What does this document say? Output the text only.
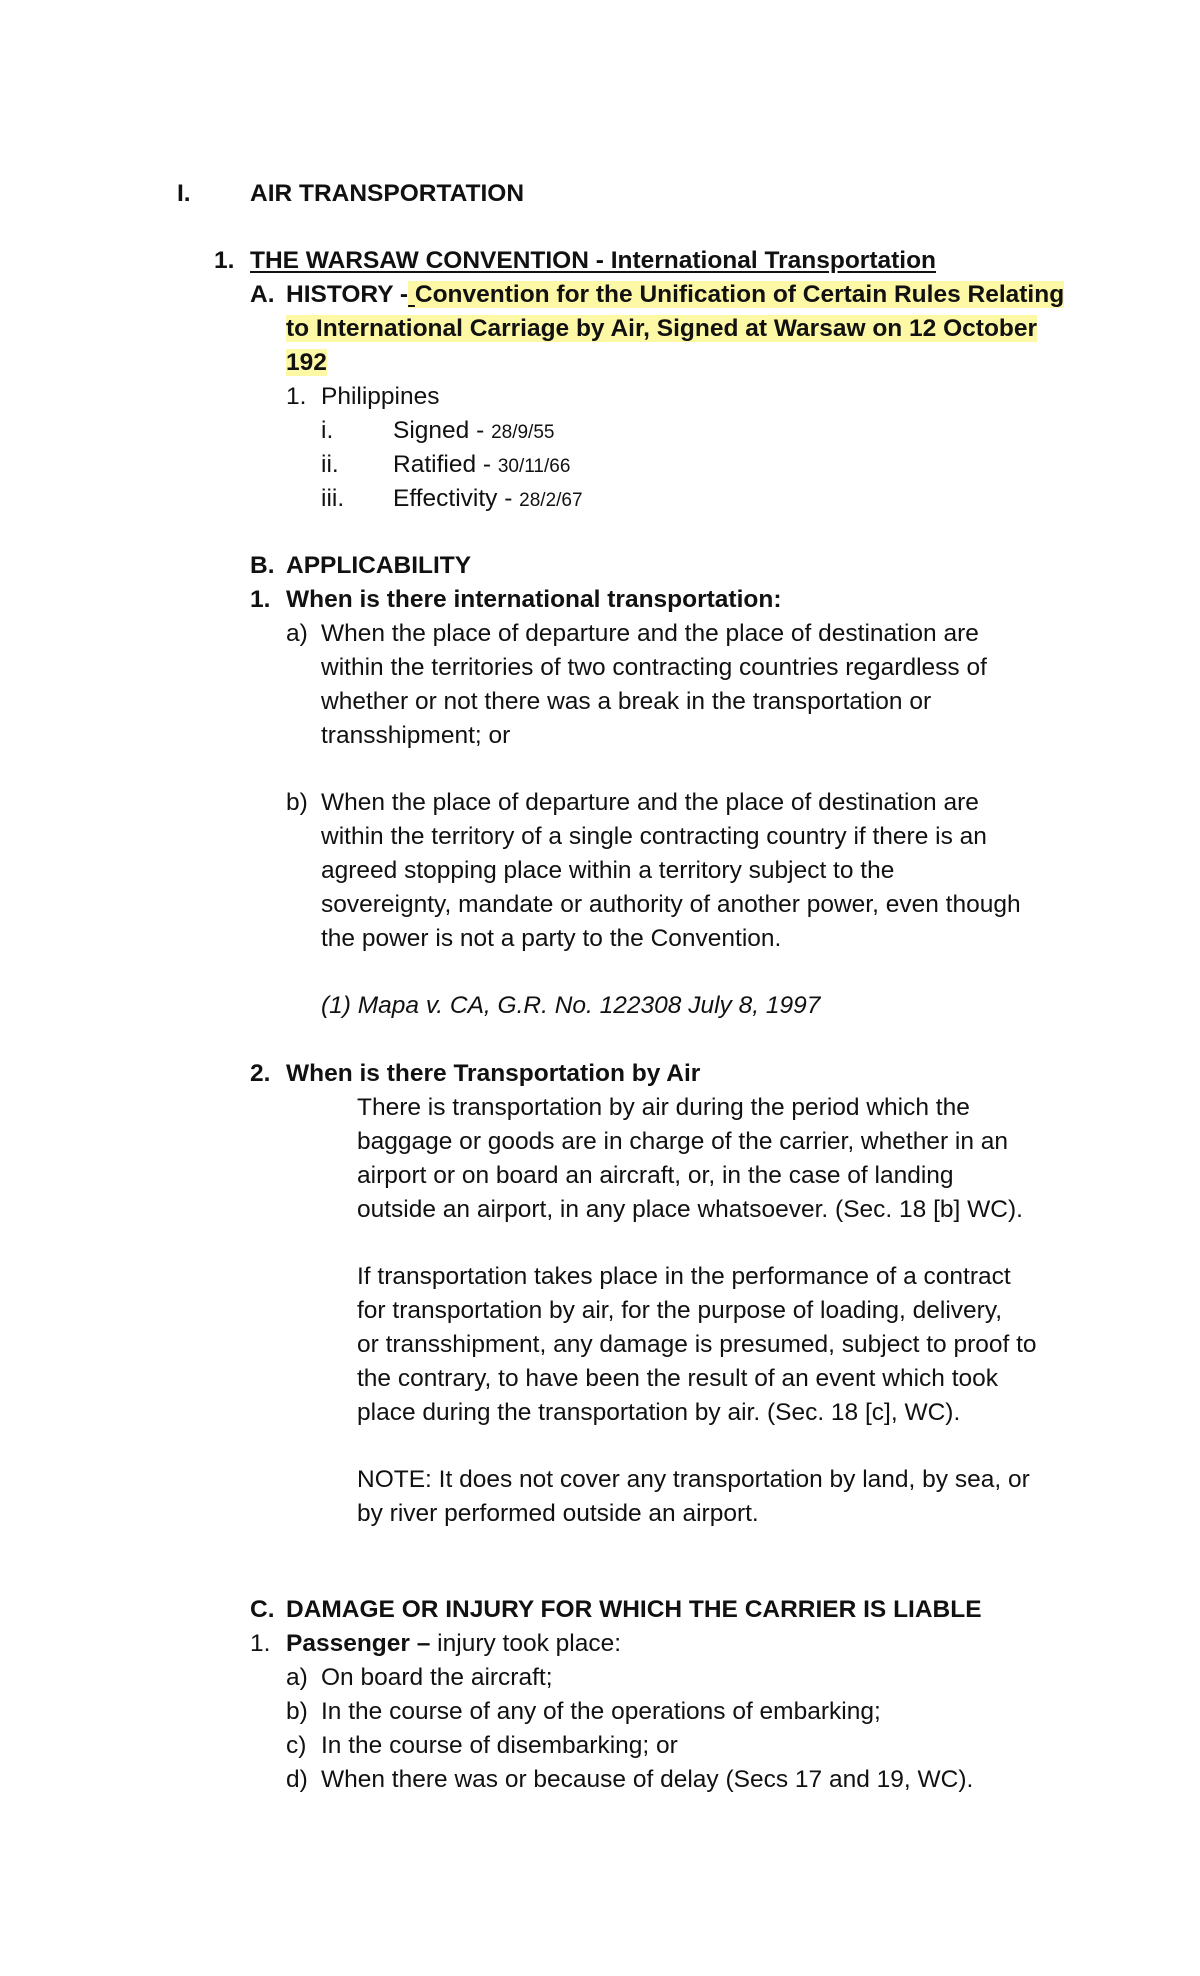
I. AIR TRANSPORTATION
1. THE WARSAW CONVENTION - International Transportation
A. HISTORY - Convention for the Unification of Certain Rules Relating
to International Carriage by Air, Signed at Warsaw on 12 October
192
1. Philippines
i. Signed - 28/9/55
ii. Ratified - 30/11/66
iii. Effectivity - 28/2/67
B. APPLICABILITY
1. When is there international transportation:
a) When the place of departure and the place of destination are
within the territories of two contracting countries regardless of
whether or not there was a break in the transportation or
transshipment; or
b) When the place of departure and the place of destination are
within the territory of a single contracting country if there is an
agreed stopping place within a territory subject to the
sovereignty, mandate or authority of another power, even though
the power is not a party to the Convention.
(1) Mapa v. CA, G.R. No. 122308 July 8, 1997
2. When is there Transportation by Air
There is transportation by air during the period which the
baggage or goods are in charge of the carrier, whether in an
airport or on board an aircraft, or, in the case of landing
outside an airport, in any place whatsoever. (Sec. 18 [b] WC).
If transportation takes place in the performance of a contract
for transportation by air, for the purpose of loading, delivery,
or transshipment, any damage is presumed, subject to proof to
the contrary, to have been the result of an event which took
place during the transportation by air. (Sec. 18 [c], WC).
NOTE: It does not cover any transportation by land, by sea, or
by river performed outside an airport.
C. DAMAGE OR INJURY FOR WHICH THE CARRIER IS LIABLE
1. Passenger – injury took place:
a) On board the aircraft;
b) In the course of any of the operations of embarking;
c) In the course of disembarking; or
d) When there was or because of delay (Secs 17 and 19, WC).
